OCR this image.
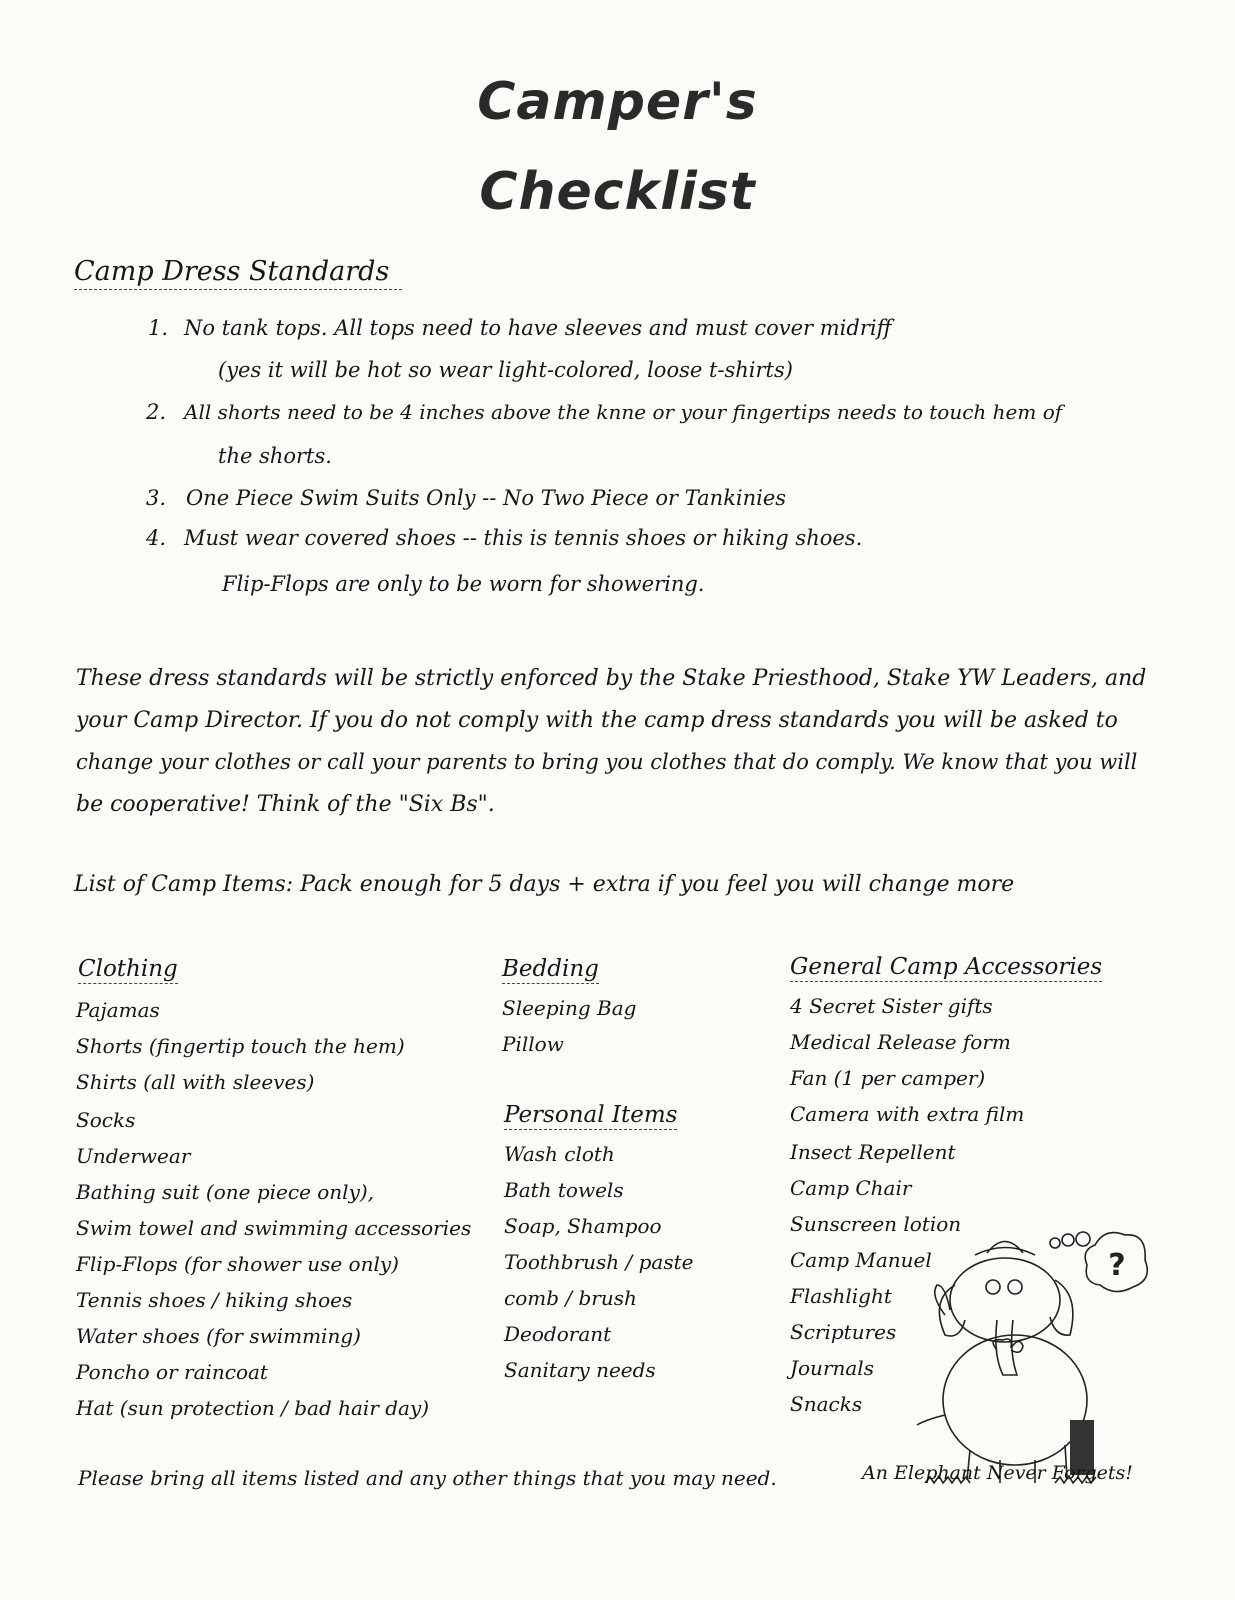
Camper's
Checklist
Camp Dress Standards
1. No tank tops. All tops need to have sleeves and must cover midriff
(yes it will be hot so wear light-colored, loose t-shirts)
2. All shorts need to be 4 inches above the knne or your fingertips needs to touch hem of
the shorts.
3. One Piece Swim Suits Only -- No Two Piece or Tankinies
4. Must wear covered shoes -- this is tennis shoes or hiking shoes.
Flip-Flops are only to be worn for showering.
These dress standards will be strictly enforced by the Stake Priesthood, Stake YW Leaders, and
your Camp Director. If you do not comply with the camp dress standards you will be asked to
change your clothes or call your parents to bring you clothes that do comply. We know that you will
be cooperative! Think of the "Six Bs".
List of Camp Items: Pack enough for 5 days + extra if you feel you will change more
Clothing
Pajamas
Shorts (fingertip touch the hem)
Shirts (all with sleeves)
Socks
Underwear
Bathing suit (one piece only),
Swim towel and swimming accessories
Flip-Flops (for shower use only)
Tennis shoes / hiking shoes
Water shoes (for swimming)
Poncho or raincoat
Hat (sun protection / bad hair day)
Bedding
Sleeping Bag
Pillow
Personal Items
Wash cloth
Bath towels
Soap, Shampoo
Toothbrush / paste
comb / brush
Deodorant
Sanitary needs
General Camp Accessories
4 Secret Sister gifts
Medical Release form
Fan (1 per camper)
Camera with extra film
Insect Repellent
Camp Chair
Sunscreen lotion
Camp Manuel
Flashlight
Scriptures
Journals
Snacks
?
Please bring all items listed and any other things that you may need.	An Elephant Never Forgets!
